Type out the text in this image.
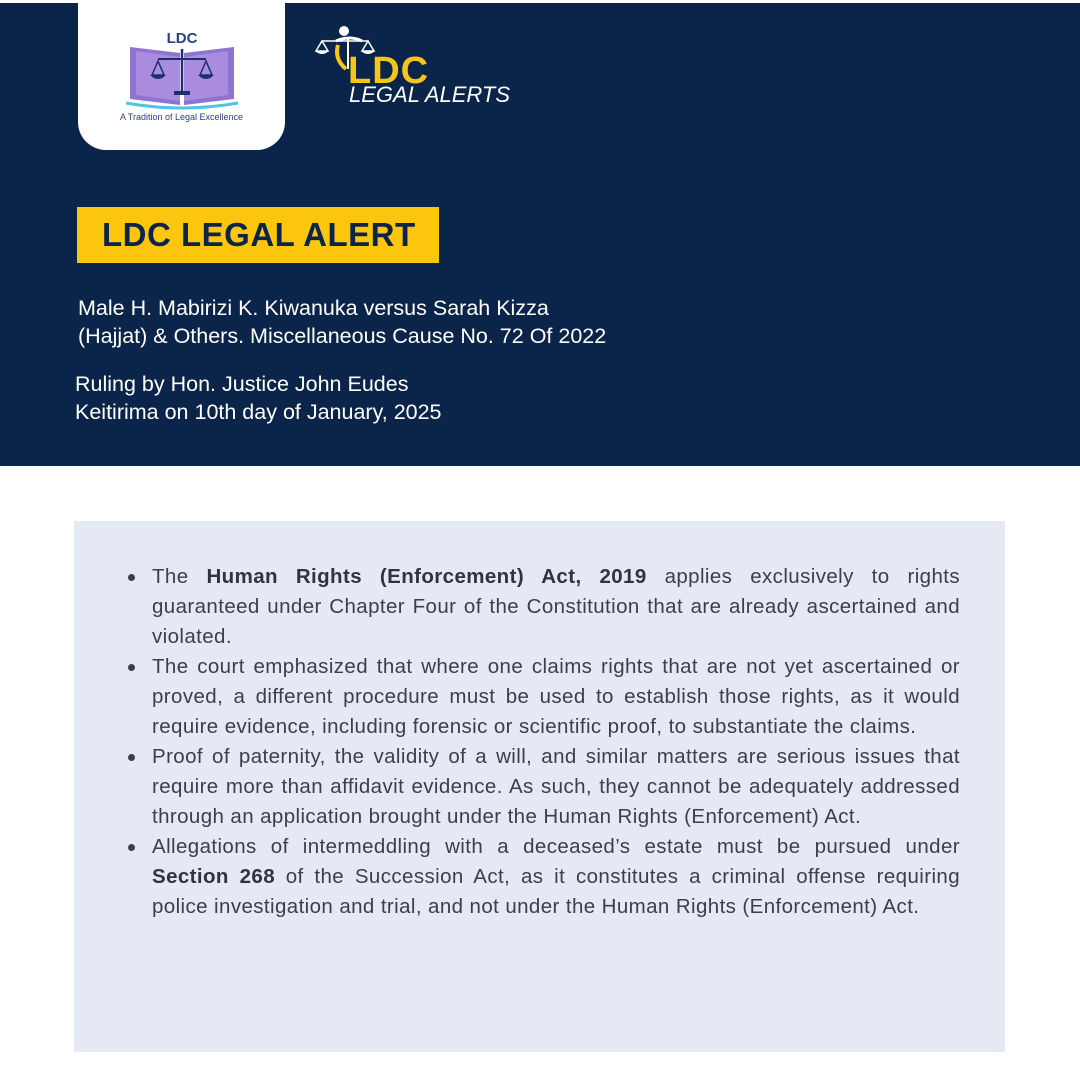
LDC
A Tradition of Legal Excellence
LDC
LEGAL ALERTS
LDC LEGAL ALERT
Male H. Mabirizi K. Kiwanuka versus Sarah Kizza
(Hajjat) & Others. Miscellaneous Cause No. 72 Of 2022
Ruling by Hon. Justice John Eudes
Keitirima on 10th day of January, 2025
The Human Rights (Enforcement) Act, 2019 applies exclusively to rights guaranteed under Chapter Four of the Constitution that are already ascertained and violated.
The court emphasized that where one claims rights that are not yet ascertained or proved, a different procedure must be used to establish those rights, as it would require evidence, including forensic or scientific proof, to substantiate the claims.
Proof of paternity, the validity of a will, and similar matters are serious issues that require more than affidavit evidence. As such, they cannot be adequately addressed through an application brought under the Human Rights (Enforcement) Act.
Allegations of intermeddling with a deceased’s estate must be pursued under Section 268 of the Succession Act, as it constitutes a criminal offense requiring police investigation and trial, and not under the Human Rights (Enforcement) Act.
